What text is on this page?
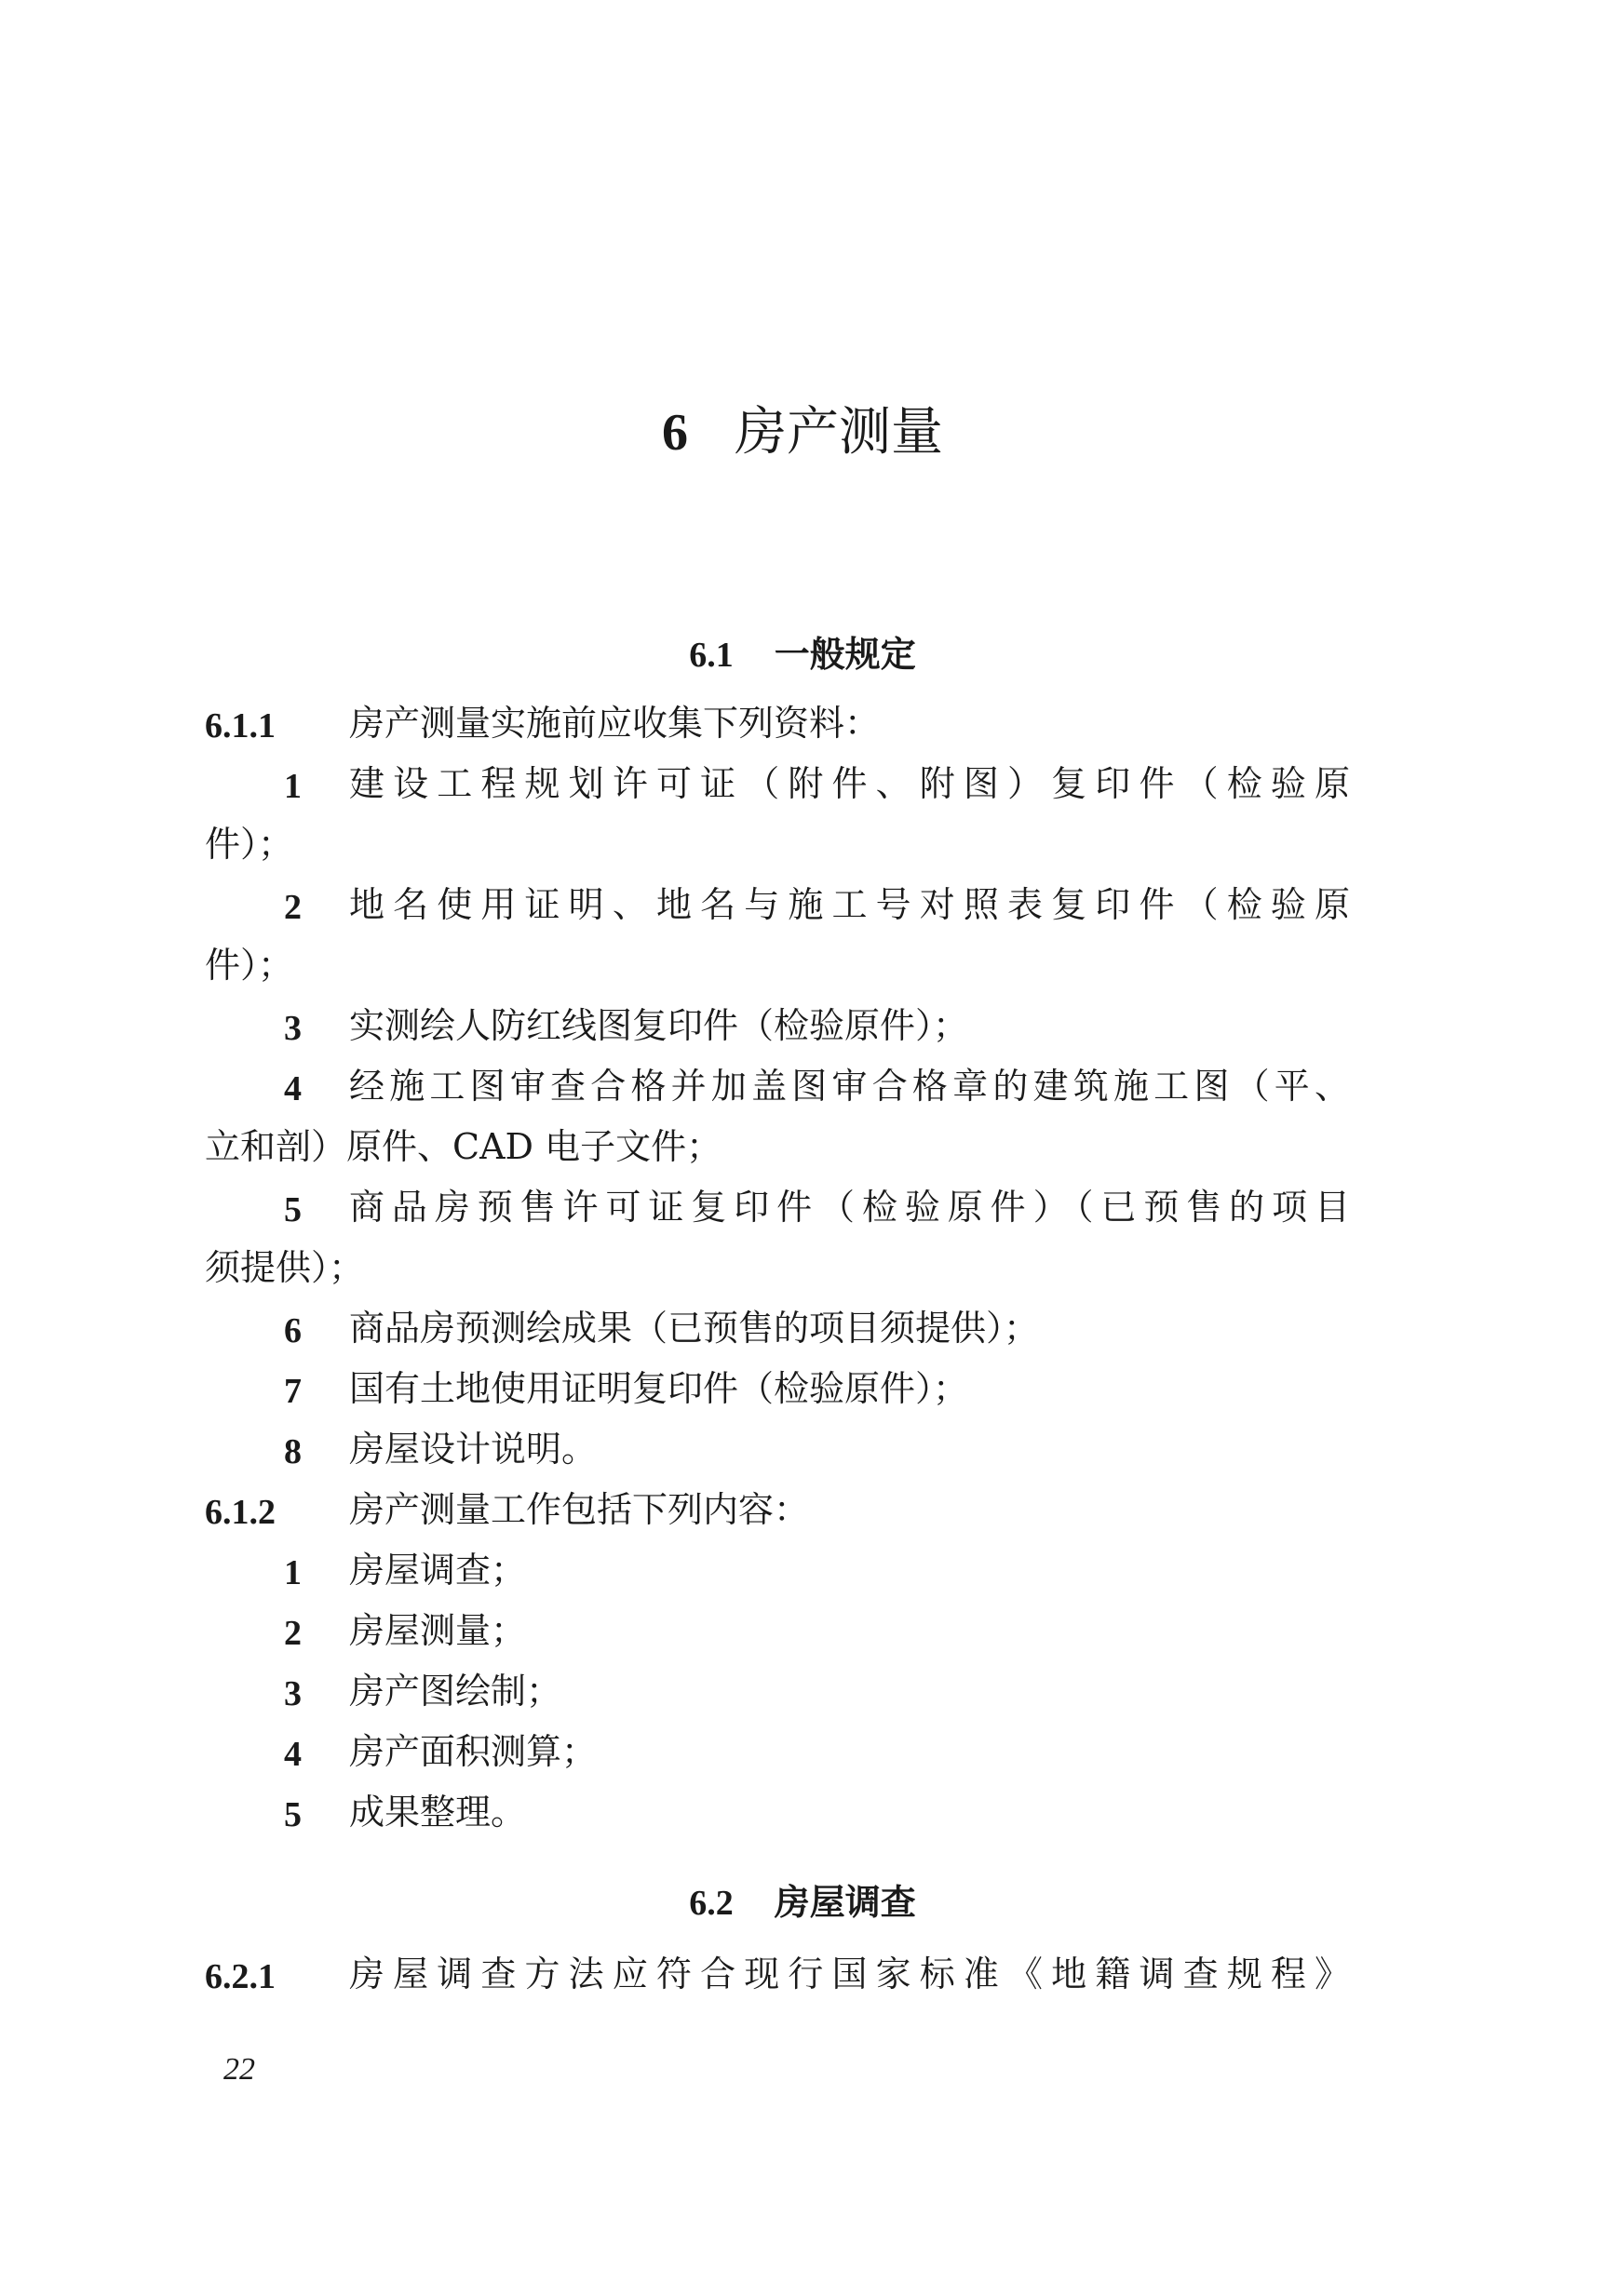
6 房产测量
6.1 一般规定
6.1.1 房产测量实施前应收集下列资料：
1 建设工程规划许可证（附件、附图）复印件（检验原
件）；
2 地名使用证明、地名与施工号对照表复印件（检验原
件）；
3 实测绘人防红线图复印件（检验原件）；
4 经施工图审查合格并加盖图审合格章的建筑施工图（平、
立和剖）原件、CAD 电子文件；
5 商品房预售许可证复印件（检验原件）（已预售的项目
须提供）；
6 商品房预测绘成果（已预售的项目须提供）；
7 国有土地使用证明复印件（检验原件）；
8 房屋设计说明。
6.1.2 房产测量工作包括下列内容：
1 房屋调查；
2 房屋测量；
3 房产图绘制；
4 房产面积测算；
5 成果整理。
6.2 房屋调查
6.2.1 房屋调查方法应符合现行国家标准《地籍调查规程》
22
